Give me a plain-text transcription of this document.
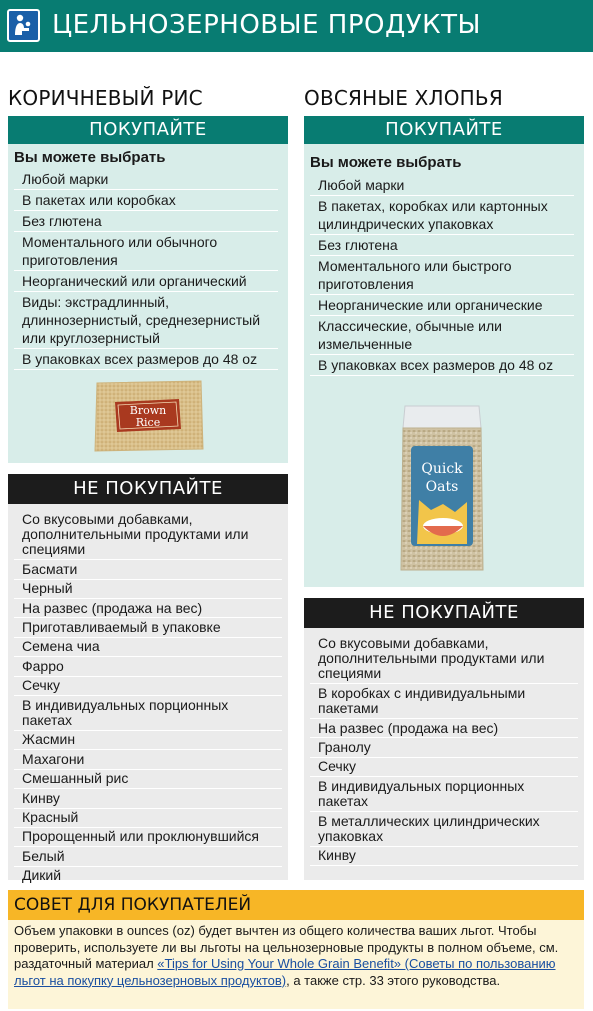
ЦЕЛЬНОЗЕРНОВЫЕ ПРОДУКТЫ
КОРИЧНЕВЫЙ РИС
ПОКУПАЙТЕ
Вы можете выбрать
Любой марки
В пакетах или коробках
Без глютена
Моментального или обычного приготовления
Неорганический или органический
Виды: экстрадлинный, длиннозернистый, среднезернистый или круглозернистый
В упаковках всех размеров до 48 oz
Brown
Rice
НЕ ПОКУПАЙТЕ
Со вкусовыми добавками, дополнительными продуктами или специями
Басмати
Черный
На развес (продажа на вес)
Приготавливаемый в упаковке
Семена чиа
Фарро
Сечку
В индивидуальных порционных пакетах
Жасмин
Махагони
Смешанный рис
Кинву
Красный
Пророщенный или проклюнувшийся
Белый
Дикий
ОВСЯНЫЕ ХЛОПЬЯ
ПОКУПАЙТЕ
Вы можете выбрать
Любой марки
В пакетах, коробках или картонных цилиндрических упаковках
Без глютена
Моментального или быстрого приготовления
Неорганические или органические
Классические, обычные или измельченные
В упаковках всех размеров до 48 oz
Quick
Oats
НЕ ПОКУПАЙТЕ
Со вкусовыми добавками, дополнительными продуктами или специями
В коробках с индивидуальными пакетами
На развес (продажа на вес)
Гранолу
Сечку
В индивидуальных порционных пакетах
В металлических цилиндрических упаковках
Кинву
СОВЕТ ДЛЯ ПОКУПАТЕЛЕЙ
Объем упаковки в ounces (oz) будет вычтен из общего количества ваших льгот. Чтобы проверить, используете ли вы льготы на цельнозерновые продукты в полном объеме, см. раздаточный материал «Tips for Using Your Whole Grain Benefit» (Советы по пользованию льгот на покупку цельнозерновых продуктов), а также стр. 33 этого руководства.
